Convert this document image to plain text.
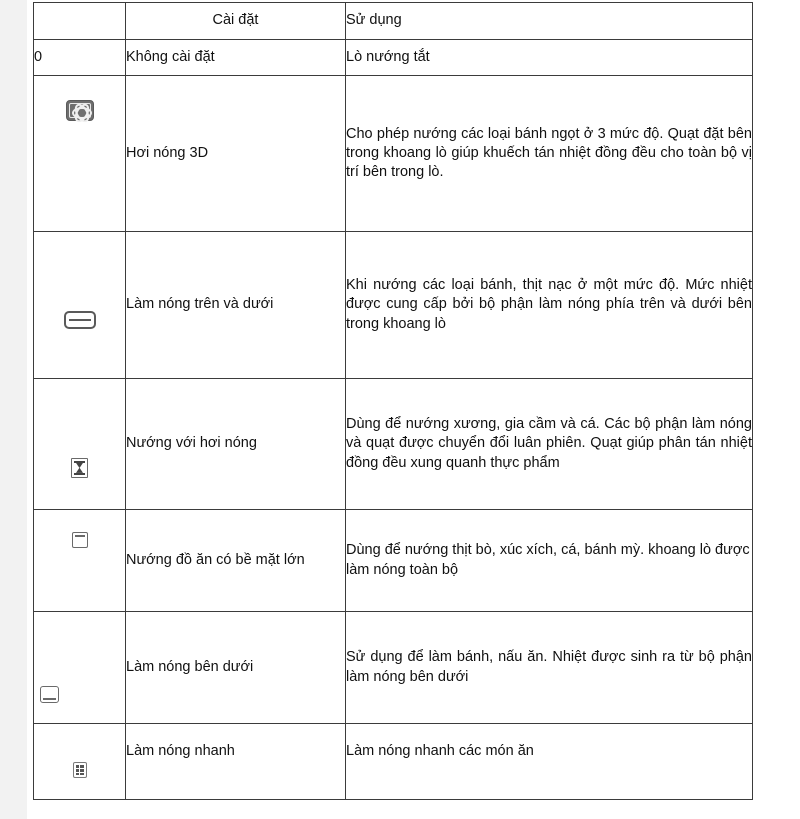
	Cài đặt	Sử dụng
0	Không cài đặt	Lò nướng tắt

	Hơi nóng 3D	Cho phép nướng các loại bánh ngọt ở 3 mức độ. Quạt đặt bên trong khoang lò giúp khuếch tán nhiệt đồng đều cho toàn bộ vị trí bên trong lò.

	Làm nóng trên và dưới	Khi nướng các loại bánh, thịt nạc ở một mức độ. Mức nhiệt được cung cấp bởi bộ phận làm nóng phía trên và dưới bên trong khoang lò

	Nướng với hơi nóng	Dùng để nướng xương, gia cầm và cá. Các bộ phận làm nóng và quạt được chuyển đổi luân phiên. Quạt giúp phân tán nhiệt đồng đều xung quanh thực phẩm

	Nướng đồ ăn có bề mặt lớn	Dùng để nướng thịt bò, xúc xích, cá, bánh mỳ. khoang lò được làm nóng toàn bộ

	Làm nóng bên dưới	Sử dụng để làm bánh, nấu ăn. Nhiệt được sinh ra từ bộ phận làm nóng bên dưới

	Làm nóng nhanh	Làm nóng nhanh các món ăn
